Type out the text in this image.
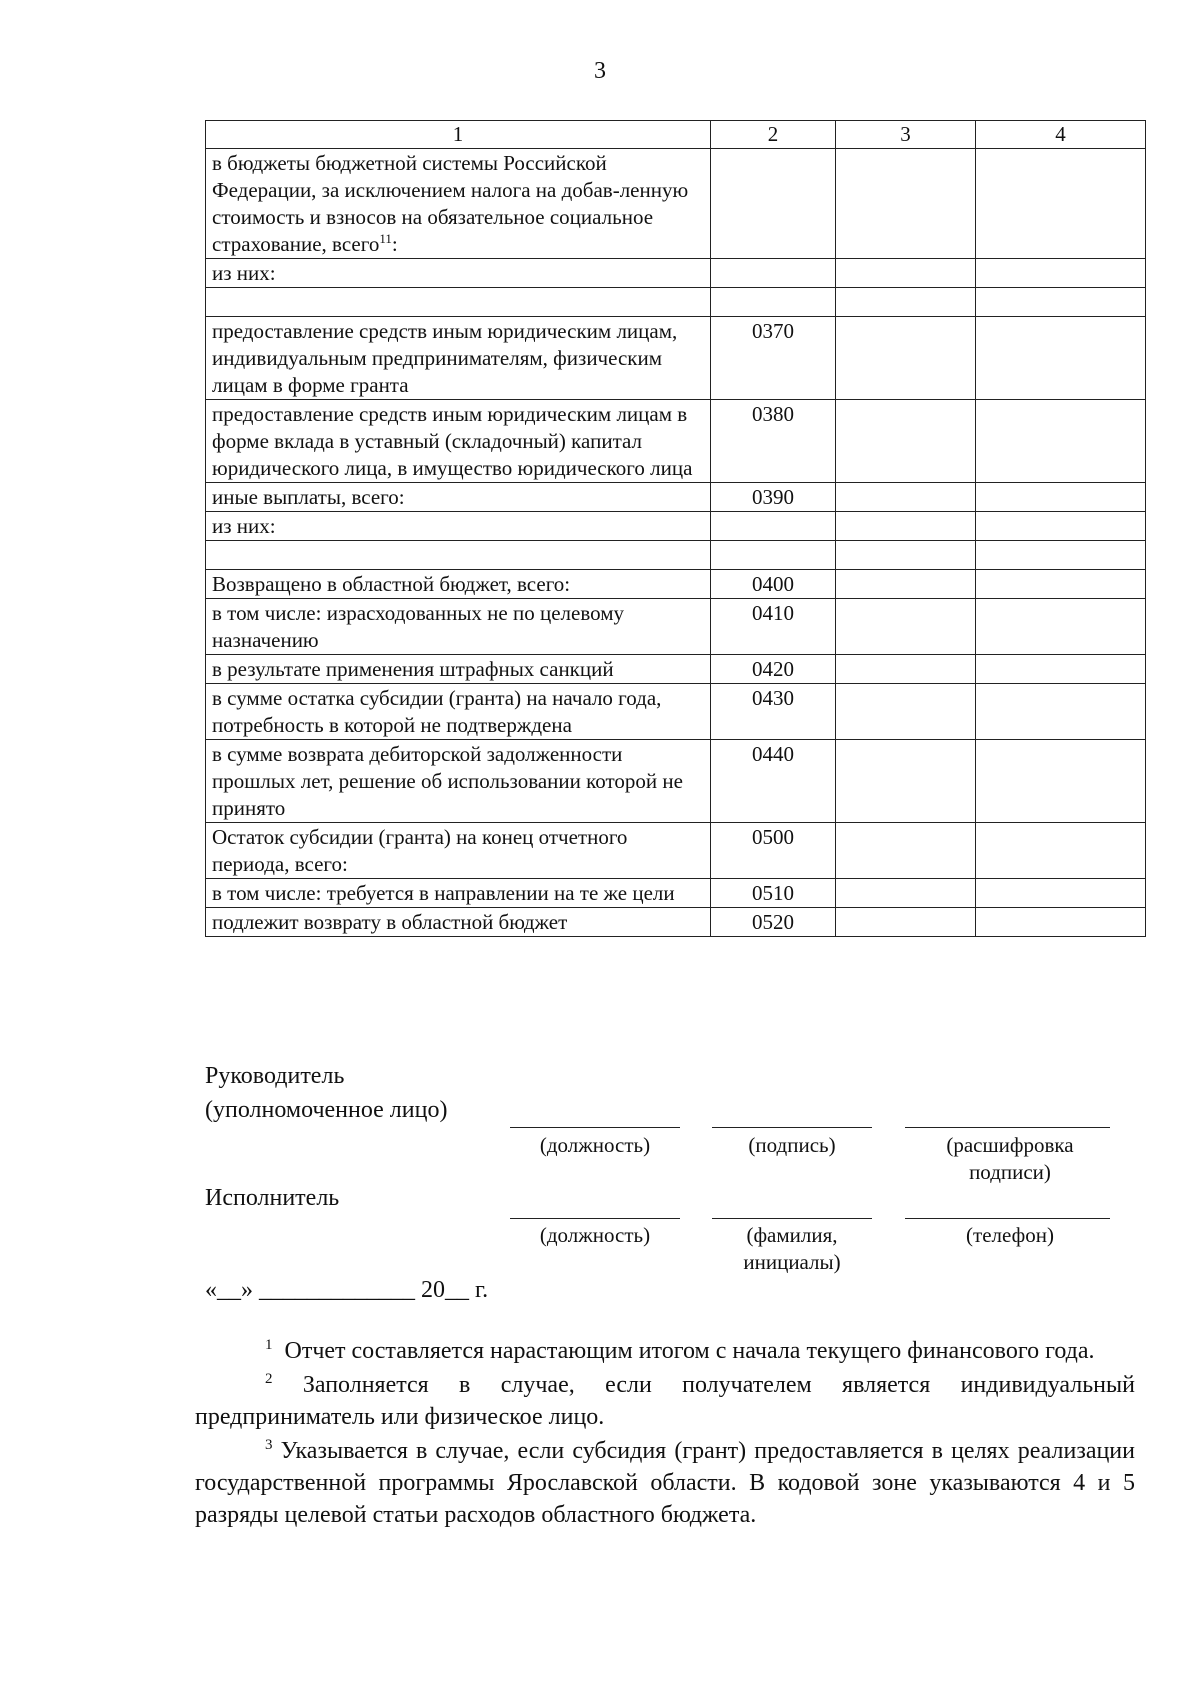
3
1	2	3	4
в бюджеты бюджетной системы Российской Федерации, за исключением налога на добав-ленную стоимость и взносов на обязательное социальное страхование, всего$^{11}$:			
из них:			

предоставление средств иным юридическим лицам, индивидуальным предпринимателям, физическим лицам в форме гранта	0370		
предоставление средств иным юридическим лицам в форме вклада в уставный (складочный) капитал юридического лица, в имущество юридического лица	0380		
иные выплаты, всего:	0390		
из них:			

Возвращено в областной бюджет, всего:	0400		
в том числе: израсходованных не по целевому назначению	0410		
в результате применения штрафных санкций	0420		
в сумме остатка субсидии (гранта) на начало года, потребность в которой не подтверждена	0430		
в сумме возврата дебиторской задолженности прошлых лет, решение об использовании которой не принято	0440		
Остаток субсидии (гранта) на конец отчетного периода, всего:	0500		
в том числе: требуется в направлении на те же цели	0510		
подлежит возврату в областной бюджет	0520		
Руководитель
(уполномоченное лицо)
(должность)	(подпись)	(расшифровка подписи)
Исполнитель
(должность)	(фамилия, инициалы)
(телефон)
«__» _____________ 20__ г.

$^1$ Отчет составляется нарастающим итогом с начала текущего финансового года.

$^2$ Заполняется в случае, если получателем является индивидуальный предприниматель или физическое лицо.

$^3$ Указывается в случае, если субсидия (грант) предоставляется в целях реализации государственной программы Ярославской области. В кодовой зоне указываются 4 и 5 разряды целевой статьи расходов областного бюджета.
